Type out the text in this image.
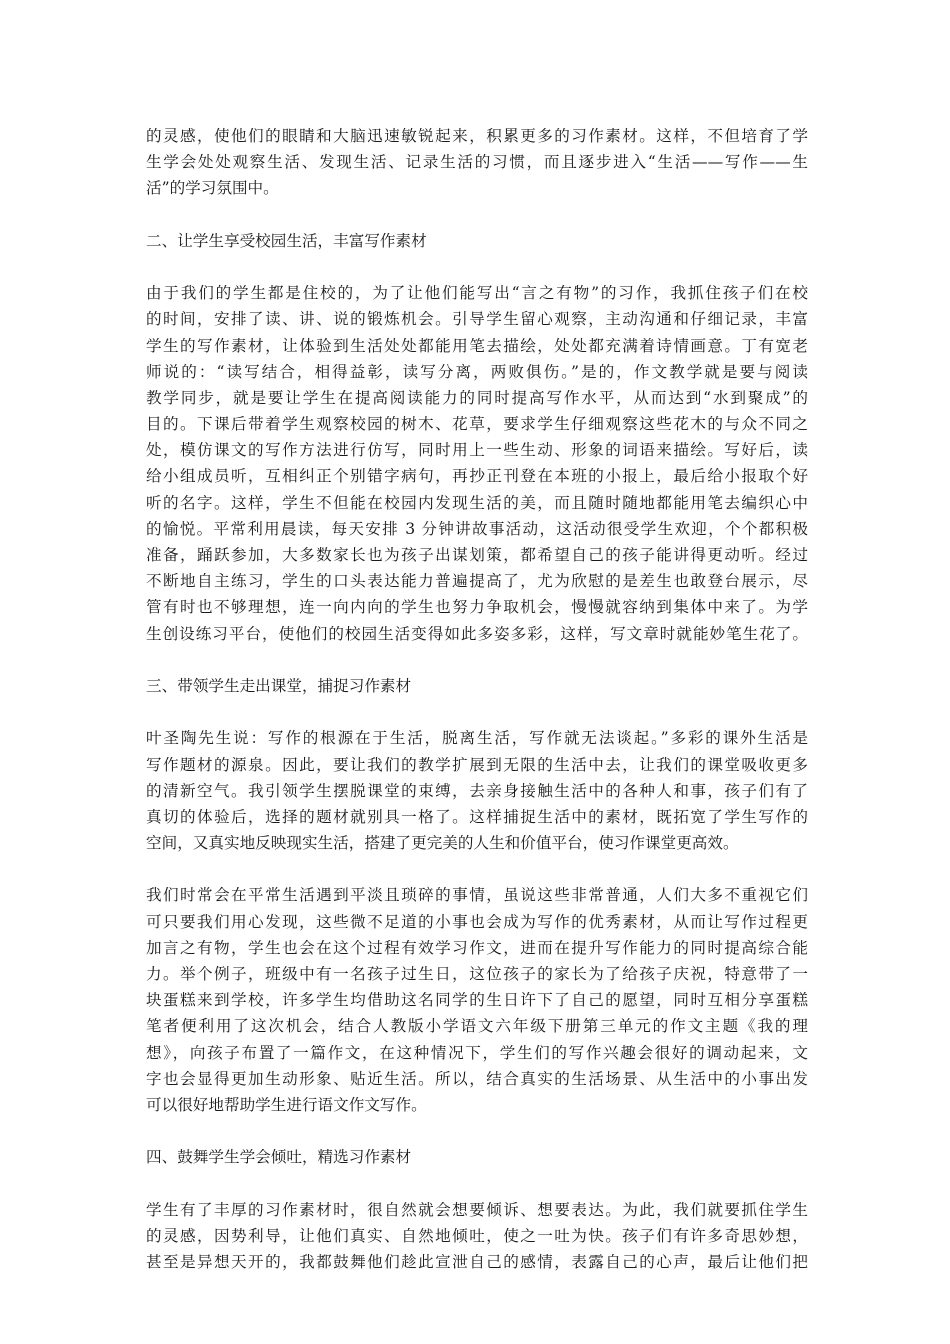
的灵感，使他们的眼睛和大脑迅速敏锐起来，积累更多的习作素材。这样，不但培育了学
生学会处处观察生活、发现生活、记录生活的习惯，而且逐步进入“生活——写作——生
活”的学习氛围中。
二、让学生享受校园生活，丰富写作素材
由于我们的学生都是住校的，为了让他们能写出“言之有物”的习作，我抓住孩子们在校
的时间，安排了读、讲、说的锻炼机会。引导学生留心观察，主动沟通和仔细记录，丰富
学生的写作素材，让体验到生活处处都能用笔去描绘，处处都充满着诗情画意。丁有宽老
师说的：“读写结合，相得益彰，读写分离，两败俱伤。”是的，作文教学就是要与阅读
教学同步，就是要让学生在提高阅读能力的同时提高写作水平，从而达到“水到聚成”的
目的。下课后带着学生观察校园的树木、花草，要求学生仔细观察这些花木的与众不同之
处，模仿课文的写作方法进行仿写，同时用上一些生动、形象的词语来描绘。写好后，读
给小组成员听，互相纠正个别错字病句，再抄正刊登在本班的小报上，最后给小报取个好
听的名字。这样，学生不但能在校园内发现生活的美，而且随时随地都能用笔去编织心中
的愉悦。平常利用晨读，每天安排 3 分钟讲故事活动，这活动很受学生欢迎，个个都积极
准备，踊跃参加，大多数家长也为孩子出谋划策，都希望自己的孩子能讲得更动听。经过
不断地自主练习，学生的口头表达能力普遍提高了，尤为欣慰的是差生也敢登台展示，尽
管有时也不够理想，连一向内向的学生也努力争取机会，慢慢就容纳到集体中来了。为学
生创设练习平台，使他们的校园生活变得如此多姿多彩，这样，写文章时就能妙笔生花了。
三、带领学生走出课堂，捕捉习作素材
叶圣陶先生说：写作的根源在于生活，脱离生活，写作就无法谈起。”多彩的课外生活是
写作题材的源泉。因此，要让我们的教学扩展到无限的生活中去，让我们的课堂吸收更多
的清新空气。我引领学生摆脱课堂的束缚，去亲身接触生活中的各种人和事，孩子们有了
真切的体验后，选择的题材就别具一格了。这样捕捉生活中的素材，既拓宽了学生写作的
空间，又真实地反映现实生活，搭建了更完美的人生和价值平台，使习作课堂更高效。
我们时常会在平常生活遇到平淡且琐碎的事情，虽说这些非常普通，人们大多不重视它们
可只要我们用心发现，这些微不足道的小事也会成为写作的优秀素材，从而让写作过程更
加言之有物，学生也会在这个过程有效学习作文，进而在提升写作能力的同时提高综合能
力。举个例子，班级中有一名孩子过生日，这位孩子的家长为了给孩子庆祝，特意带了一
块蛋糕来到学校，许多学生均借助这名同学的生日许下了自己的愿望，同时互相分享蛋糕
笔者便利用了这次机会，结合人教版小学语文六年级下册第三单元的作文主题《我的理
想》，向孩子布置了一篇作文，在这种情况下，学生们的写作兴趣会很好的调动起来，文
字也会显得更加生动形象、贴近生活。所以，结合真实的生活场景、从生活中的小事出发
可以很好地帮助学生进行语文作文写作。
四、鼓舞学生学会倾吐，精选习作素材
学生有了丰厚的习作素材时，很自然就会想要倾诉、想要表达。为此，我们就要抓住学生
的灵感，因势利导，让他们真实、自然地倾吐，使之一吐为快。孩子们有许多奇思妙想，
甚至是异想天开的，我都鼓舞他们趁此宣泄自己的感情，表露自己的心声，最后让他们把
